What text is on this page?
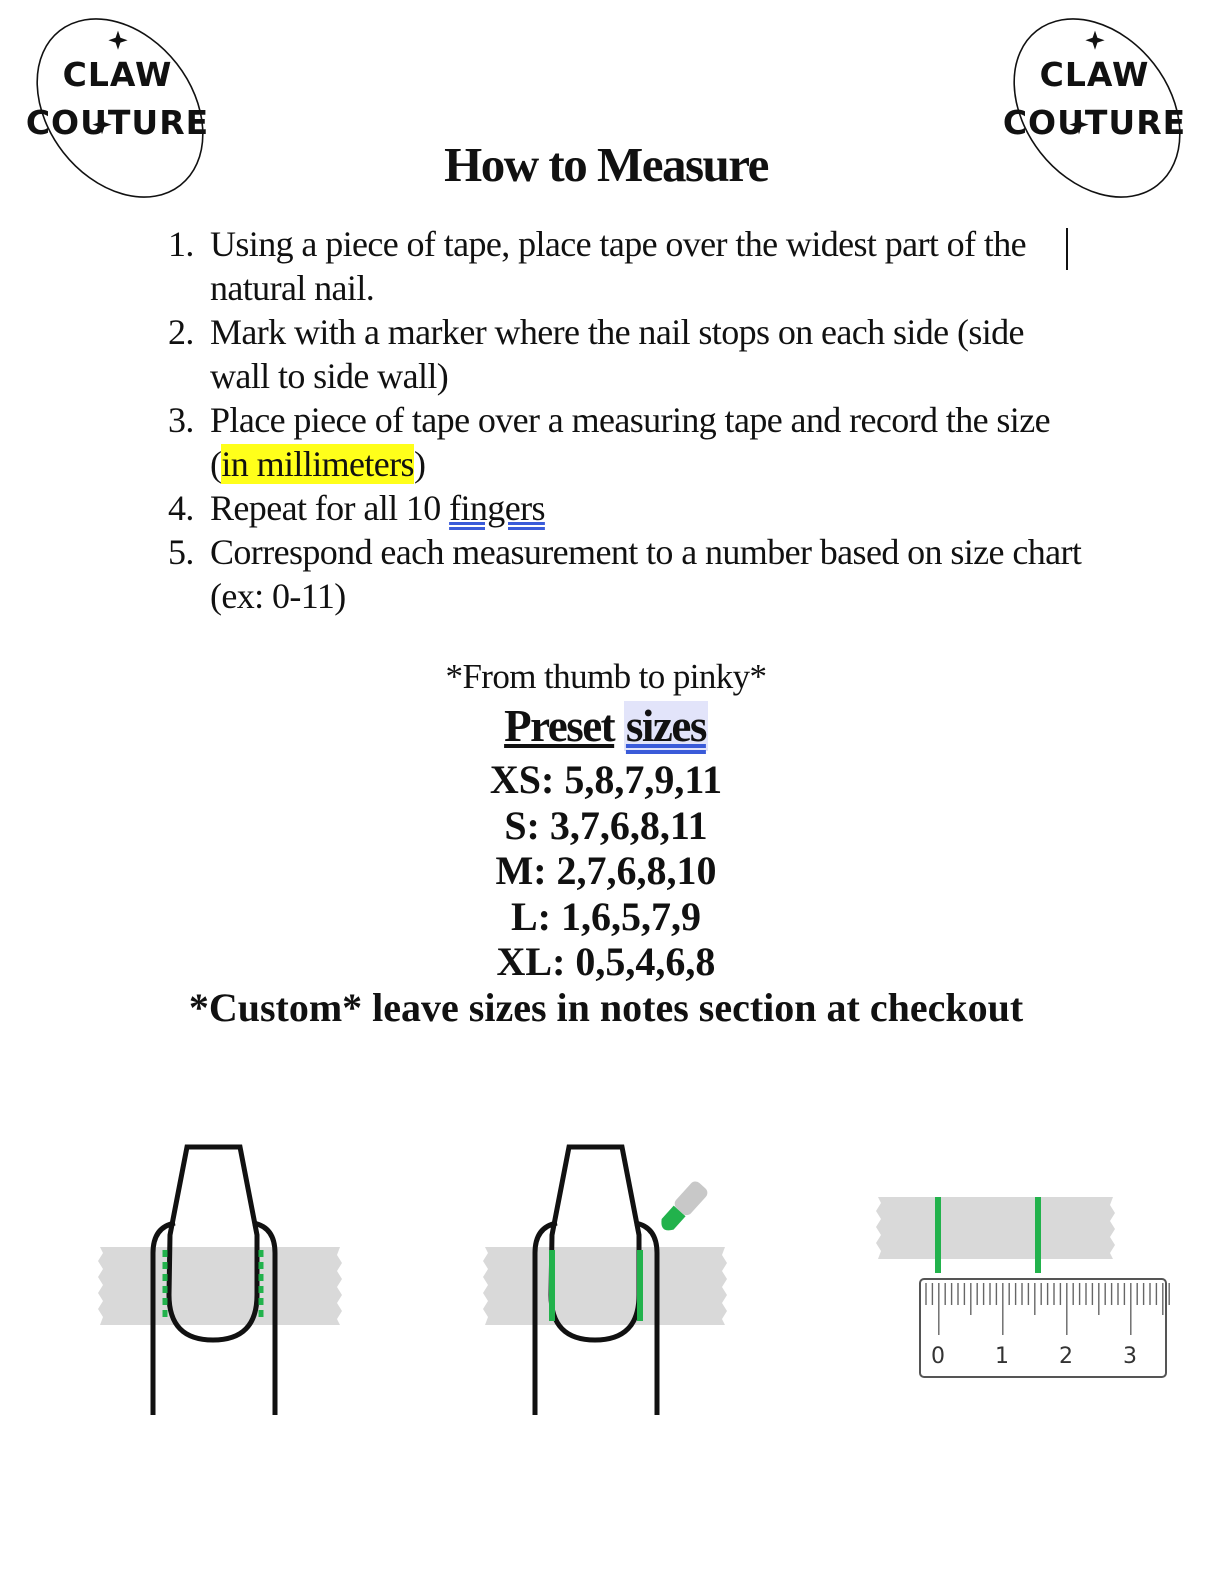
CLAW
COUTURE
CLAW
COUTURE
How to Measure
1. Using a piece of tape, place tape over the widest part of the natural nail.
2. Mark with a marker where the nail stops on each side (side wall to side wall)
3. Place piece of tape over a measuring tape and record the size (in millimeters)
4. Repeat for all 10 fingers
5. Correspond each measurement to a number based on size chart (ex: 0-11)
*From thumb to pinky*
Preset sizes
XS: 5,8,7,9,11
S: 3,7,6,8,11
M: 2,7,6,8,10
L: 1,6,5,7,9
XL: 0,5,4,6,8
*Custom* leave sizes in notes section at checkout
0 1 2 3
